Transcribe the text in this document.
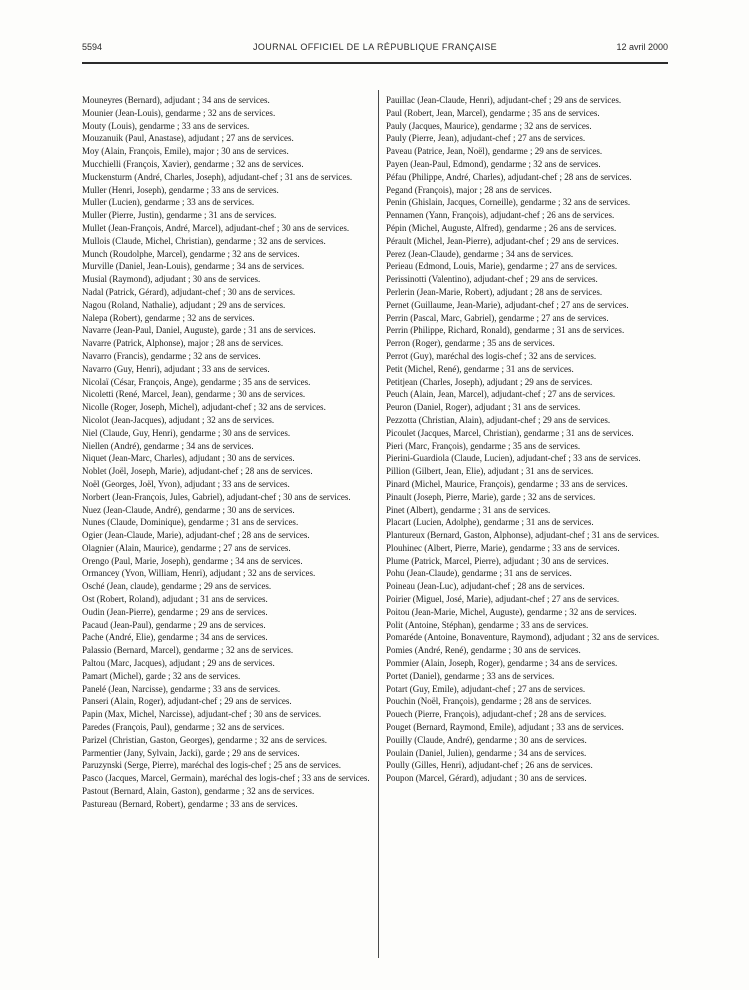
5594	JOURNAL OFFICIEL DE LA RÉPUBLIQUE FRANÇAISE	12 avril 2000

Mouneyres (Bernard), adjudant ; 34 ans de services.

Mounier (Jean-Louis), gendarme ; 32 ans de services.

Mouty (Louis), gendarme ; 33 ans de services.

Mouzanuik (Paul, Anastase), adjudant ; 27 ans de services.

Moy (Alain, François, Emile), major ; 30 ans de services.

Mucchielli (François, Xavier), gendarme ; 32 ans de services.

Muckensturm (André, Charles, Joseph), adjudant-chef ; 31 ans de services.

Muller (Henri, Joseph), gendarme ; 33 ans de services.

Muller (Lucien), gendarme ; 33 ans de services.

Muller (Pierre, Justin), gendarme ; 31 ans de services.

Mullet (Jean-François, André, Marcel), adjudant-chef ; 30 ans de services.

Mullois (Claude, Michel, Christian), gendarme ; 32 ans de services.

Munch (Roudolphe, Marcel), gendarme ; 32 ans de services.

Murville (Daniel, Jean-Louis), gendarme ; 34 ans de services.

Musial (Raymond), adjudant ; 30 ans de services.

Nadal (Patrick, Gérard), adjudant-chef ; 30 ans de services.

Nagou (Roland, Nathalie), adjudant ; 29 ans de services.

Nalepa (Robert), gendarme ; 32 ans de services.

Navarre (Jean-Paul, Daniel, Auguste), garde ; 31 ans de services.

Navarre (Patrick, Alphonse), major ; 28 ans de services.

Navarro (Francis), gendarme ; 32 ans de services.

Navarro (Guy, Henri), adjudant ; 33 ans de services.

Nicolaï (César, François, Ange), gendarme ; 35 ans de services.

Nicoletti (René, Marcel, Jean), gendarme ; 30 ans de services.

Nicolle (Roger, Joseph, Michel), adjudant-chef ; 32 ans de services.

Nicolot (Jean-Jacques), adjudant ; 32 ans de services.

Niel (Claude, Guy, Henri), gendarme ; 30 ans de services.

Niellen (André), gendarme ; 34 ans de services.

Niquet (Jean-Marc, Charles), adjudant ; 30 ans de services.

Noblet (Joël, Joseph, Marie), adjudant-chef ; 28 ans de services.

Noël (Georges, Joël, Yvon), adjudant ; 33 ans de services.

Norbert (Jean-François, Jules, Gabriel), adjudant-chef ; 30 ans de services.

Nuez (Jean-Claude, André), gendarme ; 30 ans de services.

Nunes (Claude, Dominique), gendarme ; 31 ans de services.

Ogier (Jean-Claude, Marie), adjudant-chef ; 28 ans de services.

Olagnier (Alain, Maurice), gendarme ; 27 ans de services.

Orengo (Paul, Marie, Joseph), gendarme ; 34 ans de services.

Ormancey (Yvon, William, Henri), adjudant ; 32 ans de services.

Osché (Jean, claude), gendarme ; 29 ans de services.

Ost (Robert, Roland), adjudant ; 31 ans de services.

Oudin (Jean-Pierre), gendarme ; 29 ans de services.

Pacaud (Jean-Paul), gendarme ; 29 ans de services.

Pache (André, Elie), gendarme ; 34 ans de services.

Palassio (Bernard, Marcel), gendarme ; 32 ans de services.

Paltou (Marc, Jacques), adjudant ; 29 ans de services.

Pamart (Michel), garde ; 32 ans de services.

Panelé (Jean, Narcisse), gendarme ; 33 ans de services.

Panseri (Alain, Roger), adjudant-chef ; 29 ans de services.

Papin (Max, Michel, Narcisse), adjudant-chef ; 30 ans de services.

Paredes (François, Paul), gendarme ; 32 ans de services.

Parizel (Christian, Gaston, Georges), gendarme ; 32 ans de services.

Parmentier (Jany, Sylvain, Jacki), garde ; 29 ans de services.

Paruzynski (Serge, Pierre), maréchal des logis-chef ; 25 ans de services.

Pasco (Jacques, Marcel, Germain), maréchal des logis-chef ; 33 ans de services.

Pastout (Bernard, Alain, Gaston), gendarme ; 32 ans de services.

Pastureau (Bernard, Robert), gendarme ; 33 ans de services.

Pauillac (Jean-Claude, Henri), adjudant-chef ; 29 ans de services.

Paul (Robert, Jean, Marcel), gendarme ; 35 ans de services.

Pauly (Jacques, Maurice), gendarme ; 32 ans de services.

Pauly (Pierre, Jean), adjudant-chef ; 27 ans de services.

Paveau (Patrice, Jean, Noël), gendarme ; 29 ans de services.

Payen (Jean-Paul, Edmond), gendarme ; 32 ans de services.

Péfau (Philippe, André, Charles), adjudant-chef ; 28 ans de services.

Pegand (François), major ; 28 ans de services.

Penin (Ghislain, Jacques, Corneille), gendarme ; 32 ans de services.

Pennamen (Yann, François), adjudant-chef ; 26 ans de services.

Pépin (Michel, Auguste, Alfred), gendarme ; 26 ans de services.

Pérault (Michel, Jean-Pierre), adjudant-chef ; 29 ans de services.

Perez (Jean-Claude), gendarme ; 34 ans de services.

Perieau (Edmond, Louis, Marie), gendarme ; 27 ans de services.

Perissinotti (Valentino), adjudant-chef ; 29 ans de services.

Perlerin (Jean-Marie, Robert), adjudant ; 28 ans de services.

Pernet (Guillaume, Jean-Marie), adjudant-chef ; 27 ans de services.

Perrin (Pascal, Marc, Gabriel), gendarme ; 27 ans de services.

Perrin (Philippe, Richard, Ronald), gendarme ; 31 ans de services.

Perron (Roger), gendarme ; 35 ans de services.

Perrot (Guy), maréchal des logis-chef ; 32 ans de services.

Petit (Michel, René), gendarme ; 31 ans de services.

Petitjean (Charles, Joseph), adjudant ; 29 ans de services.

Peuch (Alain, Jean, Marcel), adjudant-chef ; 27 ans de services.

Peuron (Daniel, Roger), adjudant ; 31 ans de services.

Pezzotta (Christian, Alain), adjudant-chef ; 29 ans de services.

Picoulet (Jacques, Marcel, Christian), gendarme ; 31 ans de services.

Pieri (Marc, François), gendarme ; 35 ans de services.

Pierini-Guardiola (Claude, Lucien), adjudant-chef ; 33 ans de services.

Pillion (Gilbert, Jean, Elie), adjudant ; 31 ans de services.

Pinard (Michel, Maurice, François), gendarme ; 33 ans de services.

Pinault (Joseph, Pierre, Marie), garde ; 32 ans de services.

Pinet (Albert), gendarme ; 31 ans de services.

Placart (Lucien, Adolphe), gendarme ; 31 ans de services.

Plantureux (Bernard, Gaston, Alphonse), adjudant-chef ; 31 ans de services.

Plouhinec (Albert, Pierre, Marie), gendarme ; 33 ans de services.

Plume (Patrick, Marcel, Pierre), adjudant ; 30 ans de services.

Pohu (Jean-Claude), gendarme ; 31 ans de services.

Poineau (Jean-Luc), adjudant-chef ; 28 ans de services.

Poirier (Miguel, José, Marie), adjudant-chef ; 27 ans de services.

Poitou (Jean-Marie, Michel, Auguste), gendarme ; 32 ans de services.

Polit (Antoine, Stéphan), gendarme ; 33 ans de services.

Pomaréde (Antoine, Bonaventure, Raymond), adjudant ; 32 ans de services.

Pomies (André, René), gendarme ; 30 ans de services.

Pommier (Alain, Joseph, Roger), gendarme ; 34 ans de services.

Portet (Daniel), gendarme ; 33 ans de services.

Potart (Guy, Emile), adjudant-chef ; 27 ans de services.

Pouchin (Noël, François), gendarme ; 28 ans de services.

Pouech (Pierre, François), adjudant-chef ; 28 ans de services.

Pouget (Bernard, Raymond, Emile), adjudant ; 33 ans de services.

Pouilly (Claude, André), gendarme ; 30 ans de services.

Poulain (Daniel, Julien), gendarme ; 34 ans de services.

Poully (Gilles, Henri), adjudant-chef ; 26 ans de services.

Poupon (Marcel, Gérard), adjudant ; 30 ans de services.
